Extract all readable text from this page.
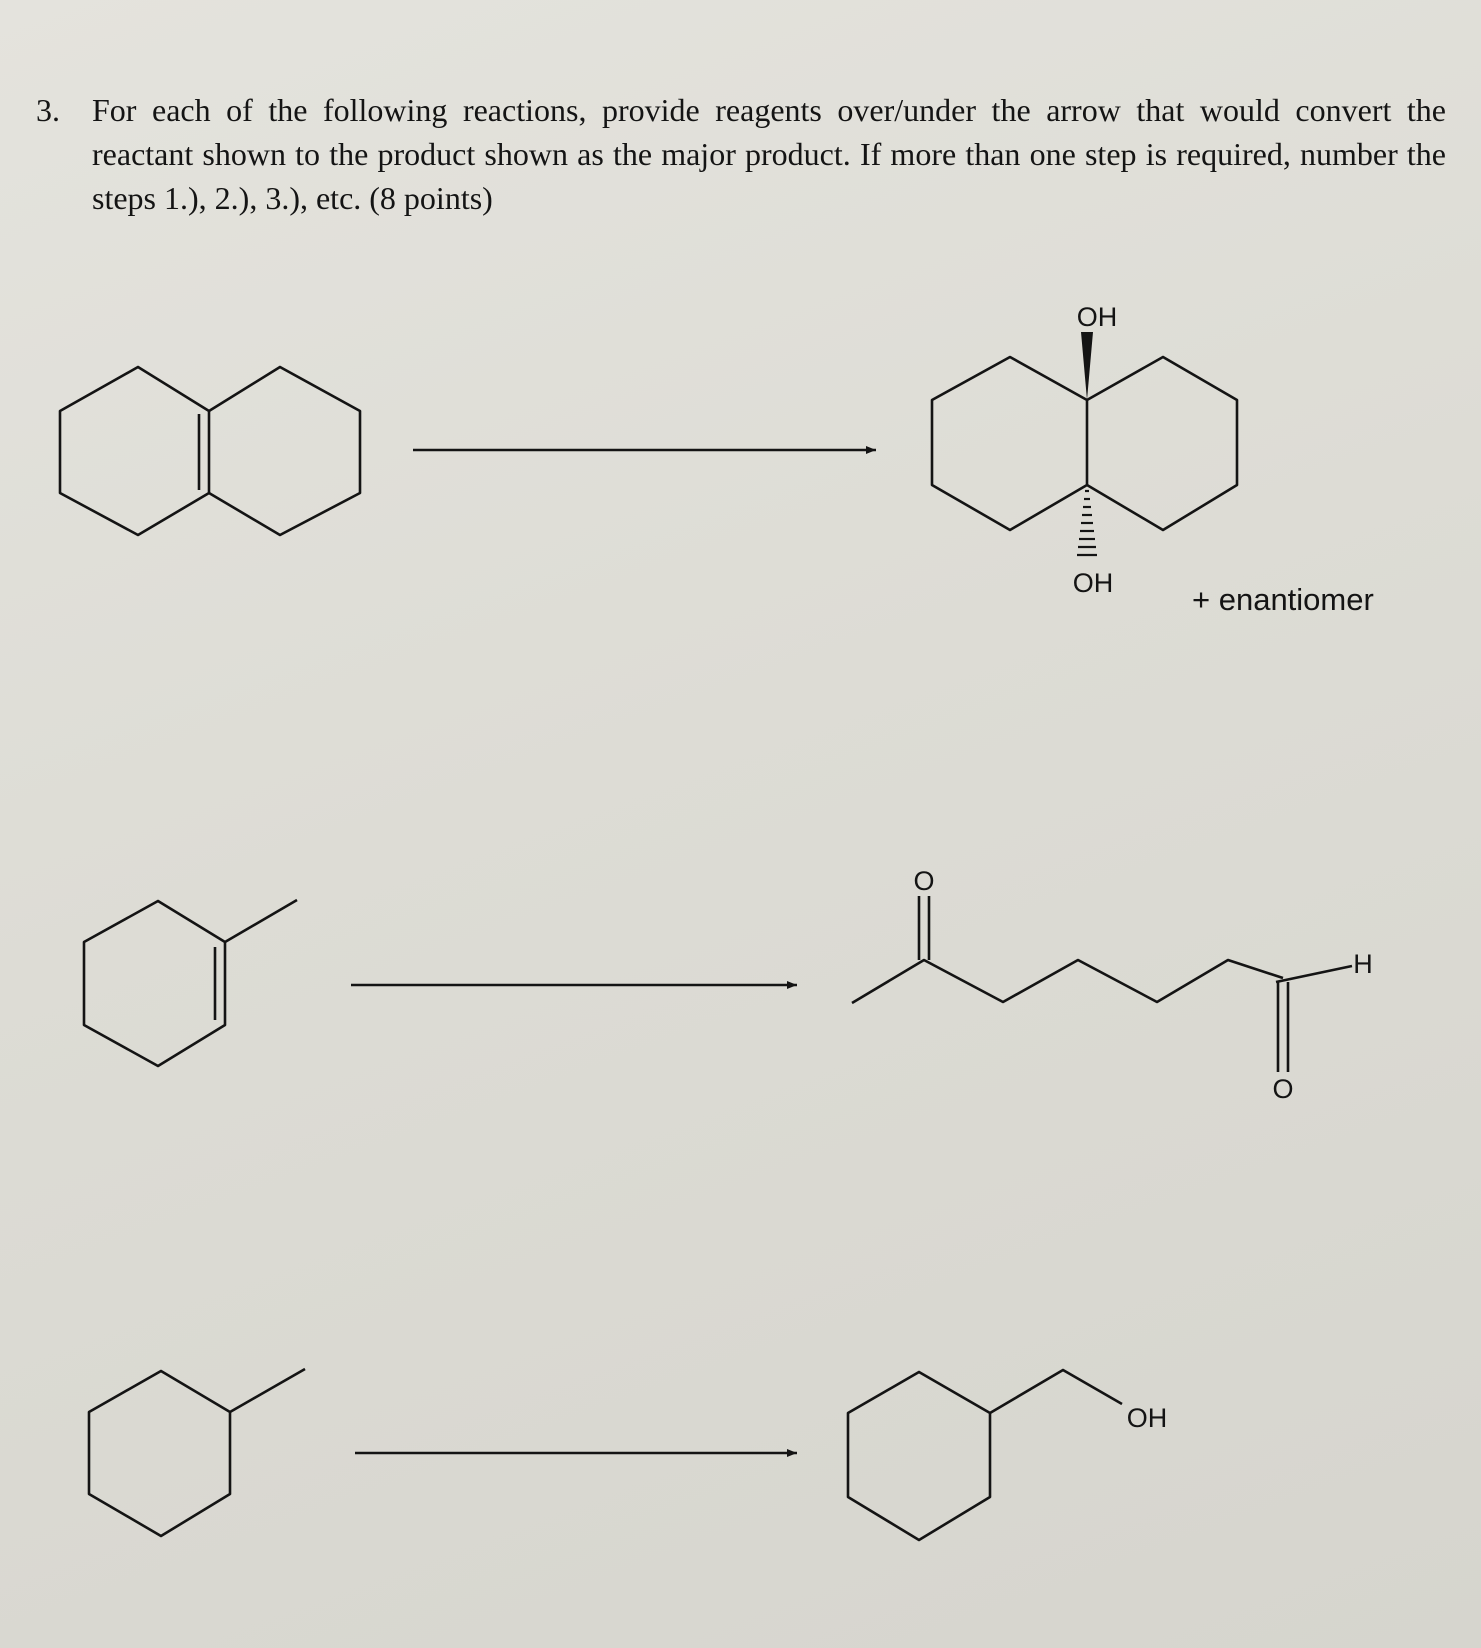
3. For each of the following reactions, provide reagents over/under the arrow that would convert the reactant shown to the product shown as the major product. If more than one step is required, number the steps 1.), 2.), 3.), etc. (8 points)
OH
OH	+ enantiomer
O
H
O
OH
